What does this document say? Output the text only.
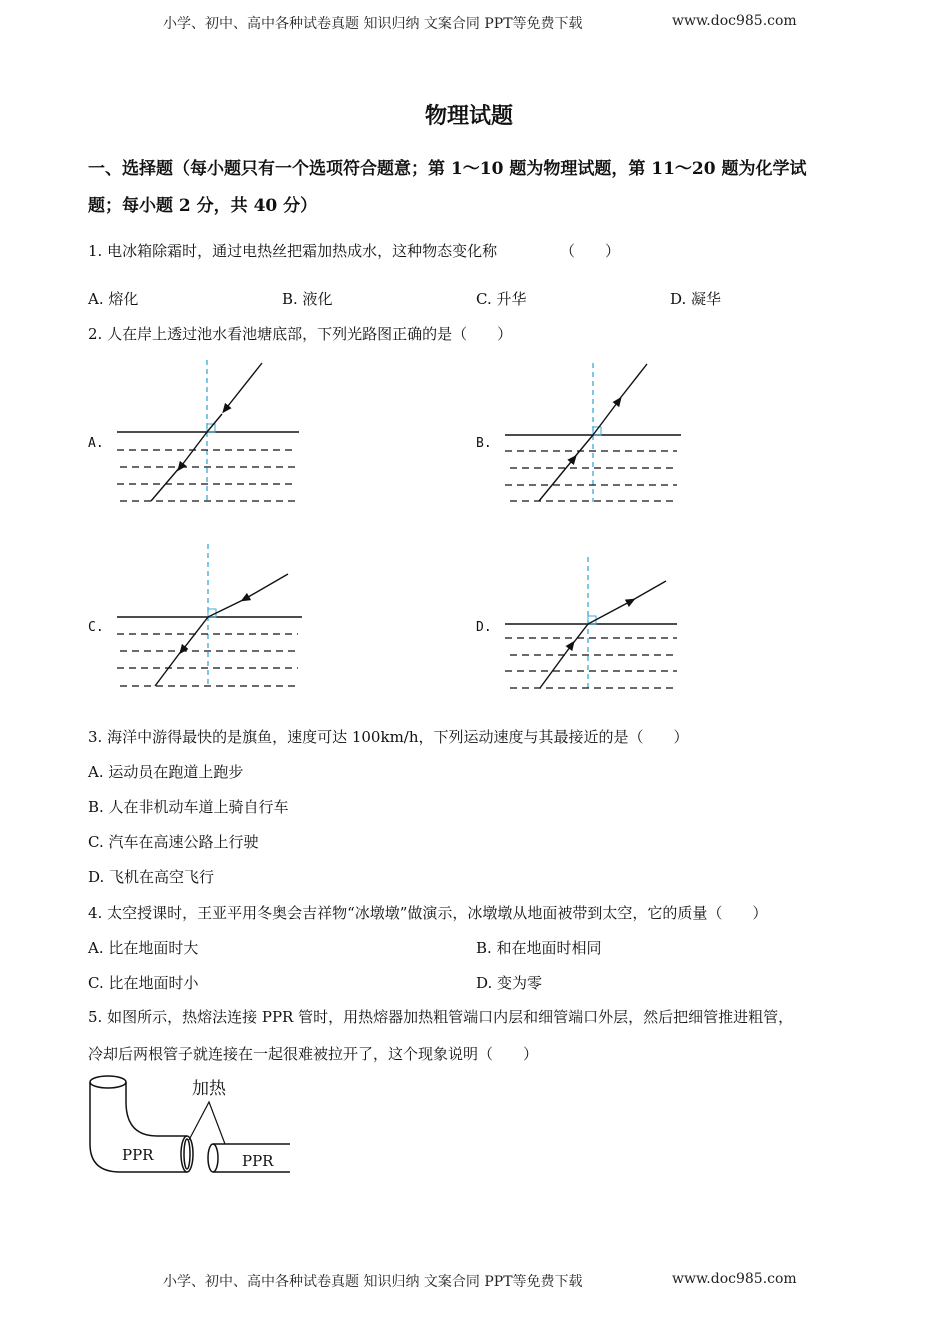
小学、初中、高中各种试卷真题 知识归纳 文案合同 PPT等免费下载	www.doc985.com
物理试题
一、选择题（每小题只有一个选项符合题意；第 1～10 题为物理试题，第 11～20 题为化学试
题；每小题 2 分，共 40 分）
1. 电冰箱除霜时，通过电热丝把霜加热成水，这种物态变化称	（　　）
A. 熔化	B. 液化	C. 升华	D. 凝华
2. 人在岸上透过池水看池塘底部，下列光路图正确的是（　　）
A.	B.
C.	D.
3. 海洋中游得最快的是旗鱼，速度可达 100km/h，下列运动速度与其最接近的是（　　）
A. 运动员在跑道上跑步
B. 人在非机动车道上骑自行车
C. 汽车在高速公路上行驶
D. 飞机在高空飞行
4. 太空授课时，王亚平用冬奥会吉祥物“冰墩墩”做演示，冰墩墩从地面被带到太空，它的质量（　　）
A. 比在地面时大	B. 和在地面时相同
C. 比在地面时小	D. 变为零
5. 如图所示，热熔法连接 PPR 管时，用热熔器加热粗管端口内层和细管端口外层，然后把细管推进粗管，
冷却后两根管子就连接在一起很难被拉开了，这个现象说明（　　）
加热
PPR	PPR
小学、初中、高中各种试卷真题 知识归纳 文案合同 PPT等免费下载	www.doc985.com
